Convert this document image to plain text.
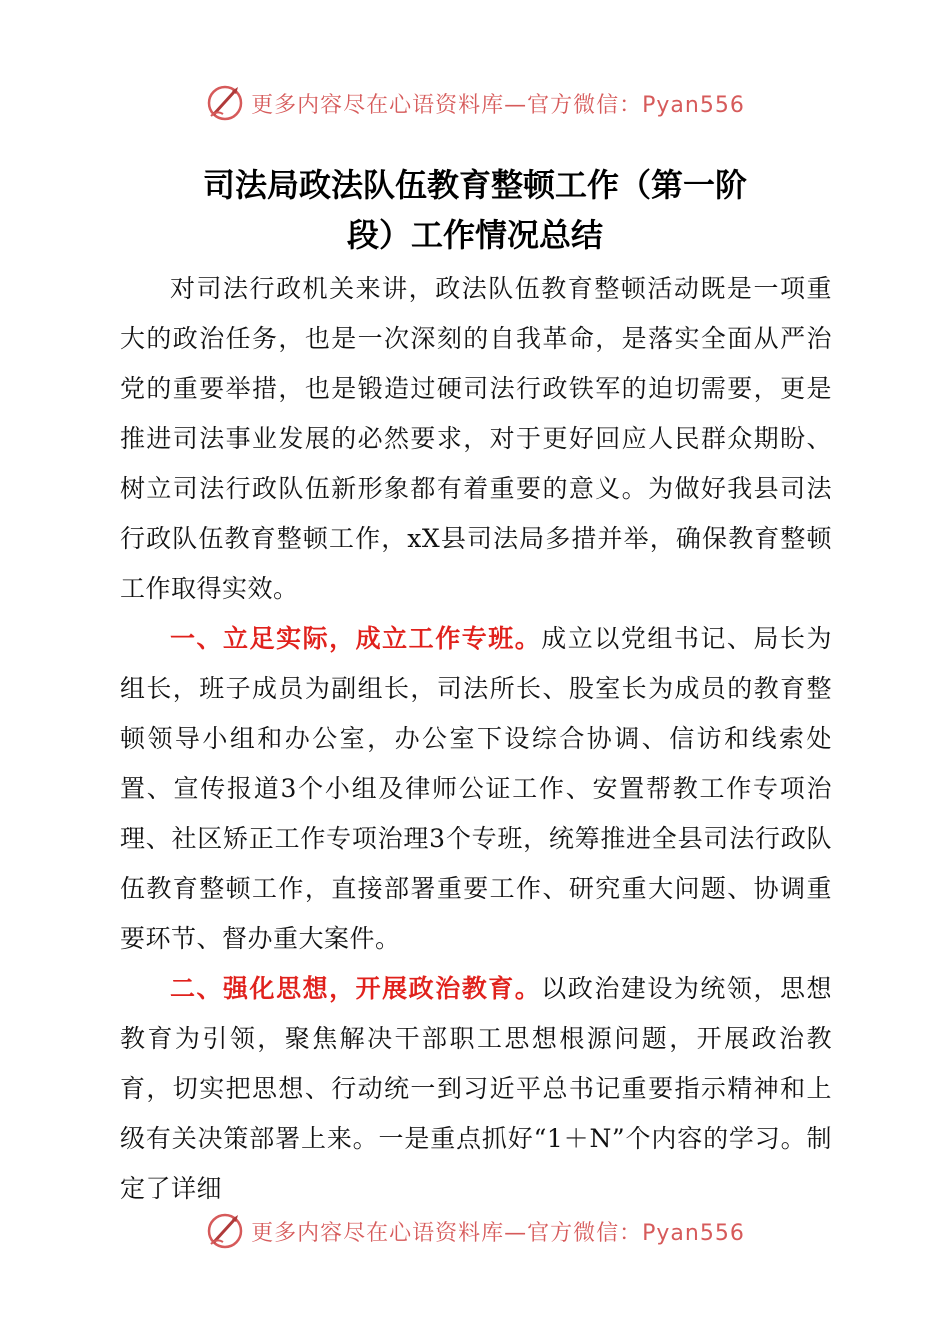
更多内容尽在心语资料库—官方微信：Pyan556
司法局政法队伍教育整顿工作（第一阶
段）工作情况总结

对司法行政机关来讲，政法队伍教育整顿活动既是一项重大的政治任务，也是一次深刻的自我革命，是落实全面从严治党的重要举措，也是锻造过硬司法行政铁军的迫切需要，更是推进司法事业发展的必然要求，对于更好回应人民群众期盼、树立司法行政队伍新形象都有着重要的意义。为做好我县司法行政队伍教育整顿工作，xX县司法局多措并举，确保教育整顿工作取得实效。

一、立足实际，成立工作专班。成立以党组书记、局长为组长，班子成员为副组长，司法所长、股室长为成员的教育整顿领导小组和办公室，办公室下设综合协调、信访和线索处置、宣传报道3个小组及律师公证工作、安置帮教工作专项治理、社区矫正工作专项治理3个专班，统筹推进全县司法行政队伍教育整顿工作，直接部署重要工作、研究重大问题、协调重要环节、督办重大案件。

二、强化思想，开展政治教育。以政治建设为统领，思想教育为引领，聚焦解决干部职工思想根源问题，开展政治教育，切实把思想、行动统一到习近平总书记重要指示精神和上级有关决策部署上来。一是重点抓好“1＋N”个内容的学习。制定了详细

更多内容尽在心语资料库—官方微信：Pyan556
